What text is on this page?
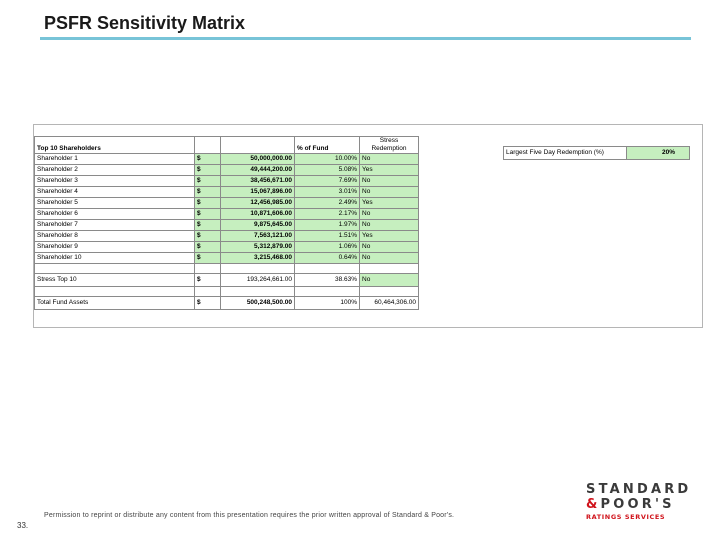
PSFR Sensitivity Matrix
Top 10 Shareholders			% of Fund	Stress Redemption
Shareholder 1	$	50,000,000.00	10.00%	No
Shareholder 2	$	49,444,200.00	5.08%	Yes
Shareholder 3	$	38,456,671.00	7.69%	No
Shareholder 4	$	15,067,896.00	3.01%	No
Shareholder 5	$	12,456,985.00	2.49%	Yes
Shareholder 6	$	10,871,606.00	2.17%	No
Shareholder 7	$	9,875,645.00	1.97%	No
Shareholder 8	$	7,563,121.00	1.51%	Yes
Shareholder 9	$	5,312,879.00	1.06%	No
Shareholder 10	$	3,215,468.00	0.64%	No

Stress Top 10	$	193,264,661.00	38.63%	No

Total Fund Assets	$	500,248,500.00	100%	60,464,306.00
Largest Five Day Redemption (%)	20%
33.
Permission to reprint or distribute any content from this presentation requires the prior written approval of Standard & Poor's.
STANDARD
&POOR'S
RATINGS SERVICES
